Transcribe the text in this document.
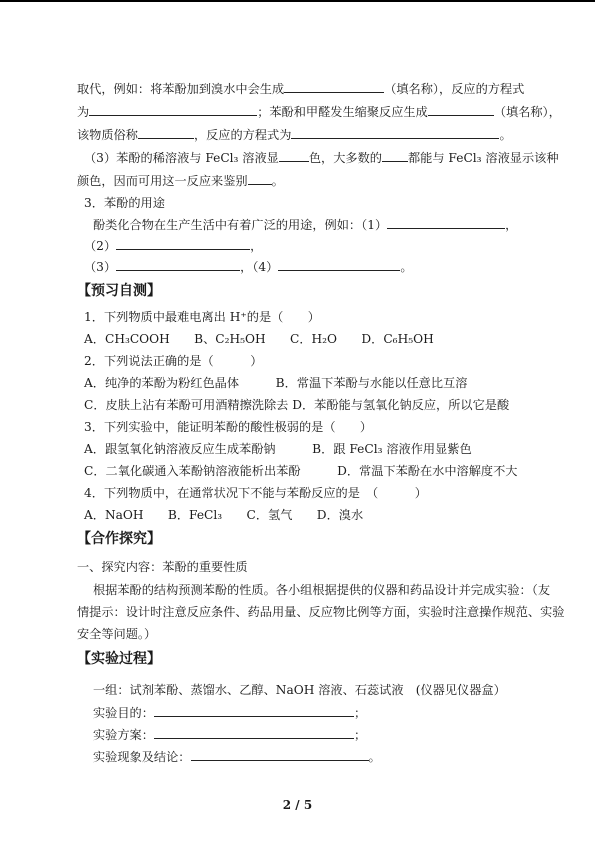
取代，例如：将苯酚加到溴水中会生成	（填名称），反应的方程式
为	；苯酚和甲醛发生缩聚反应生成	（填名称），
该物质俗称	，反应的方程式为	。
（3）苯酚的稀溶液与 FeCl₃ 溶液显 色，大多数的 都能与 FeCl₃ 溶液显示该种
颜色，因而可用这一反应来鉴别 。
3．苯酚的用途
酚类化合物在生产生活中有着广泛的用途，例如：（1）	，
（2）	，
（3）	，（4）	。
【预习自测】
1．下列物质中最难电离出 H⁺的是（　　）
A．CH₃COOH　　B、C₂H₅OH　　C．H₂O　　D．C₆H₅OH
2．下列说法正确的是（　　　）
A．纯净的苯酚为粉红色晶体　　　B．常温下苯酚与水能以任意比互溶
C．皮肤上沾有苯酚可用酒精擦洗除去 D．苯酚能与氢氧化钠反应，所以它是酸
3．下列实验中，能证明苯酚的酸性极弱的是（　　）
A．跟氢氧化钠溶液反应生成苯酚钠　　　B．跟 FeCl₃ 溶液作用显紫色
C．二氧化碳通入苯酚钠溶液能析出苯酚　　　D．常温下苯酚在水中溶解度不大
4．下列物质中，在通常状况下不能与苯酚反应的是　（　　　）
A．NaOH　　B．FeCl₃　　C．氢气　　D．溴水
【合作探究】
一、探究内容：苯酚的重要性质
根据苯酚的结构预测苯酚的性质。各小组根据提供的仪器和药品设计并完成实验：（友
情提示：设计时注意反应条件、药品用量、反应物比例等方面，实验时注意操作规范、实验
安全等问题。）
【实验过程】
一组：试剂苯酚、蒸馏水、乙醇、NaOH 溶液、石蕊试液　(仪器见仪器盒）
实验目的：	；
实验方案：	；
实验现象及结论：	。
2 / 5
